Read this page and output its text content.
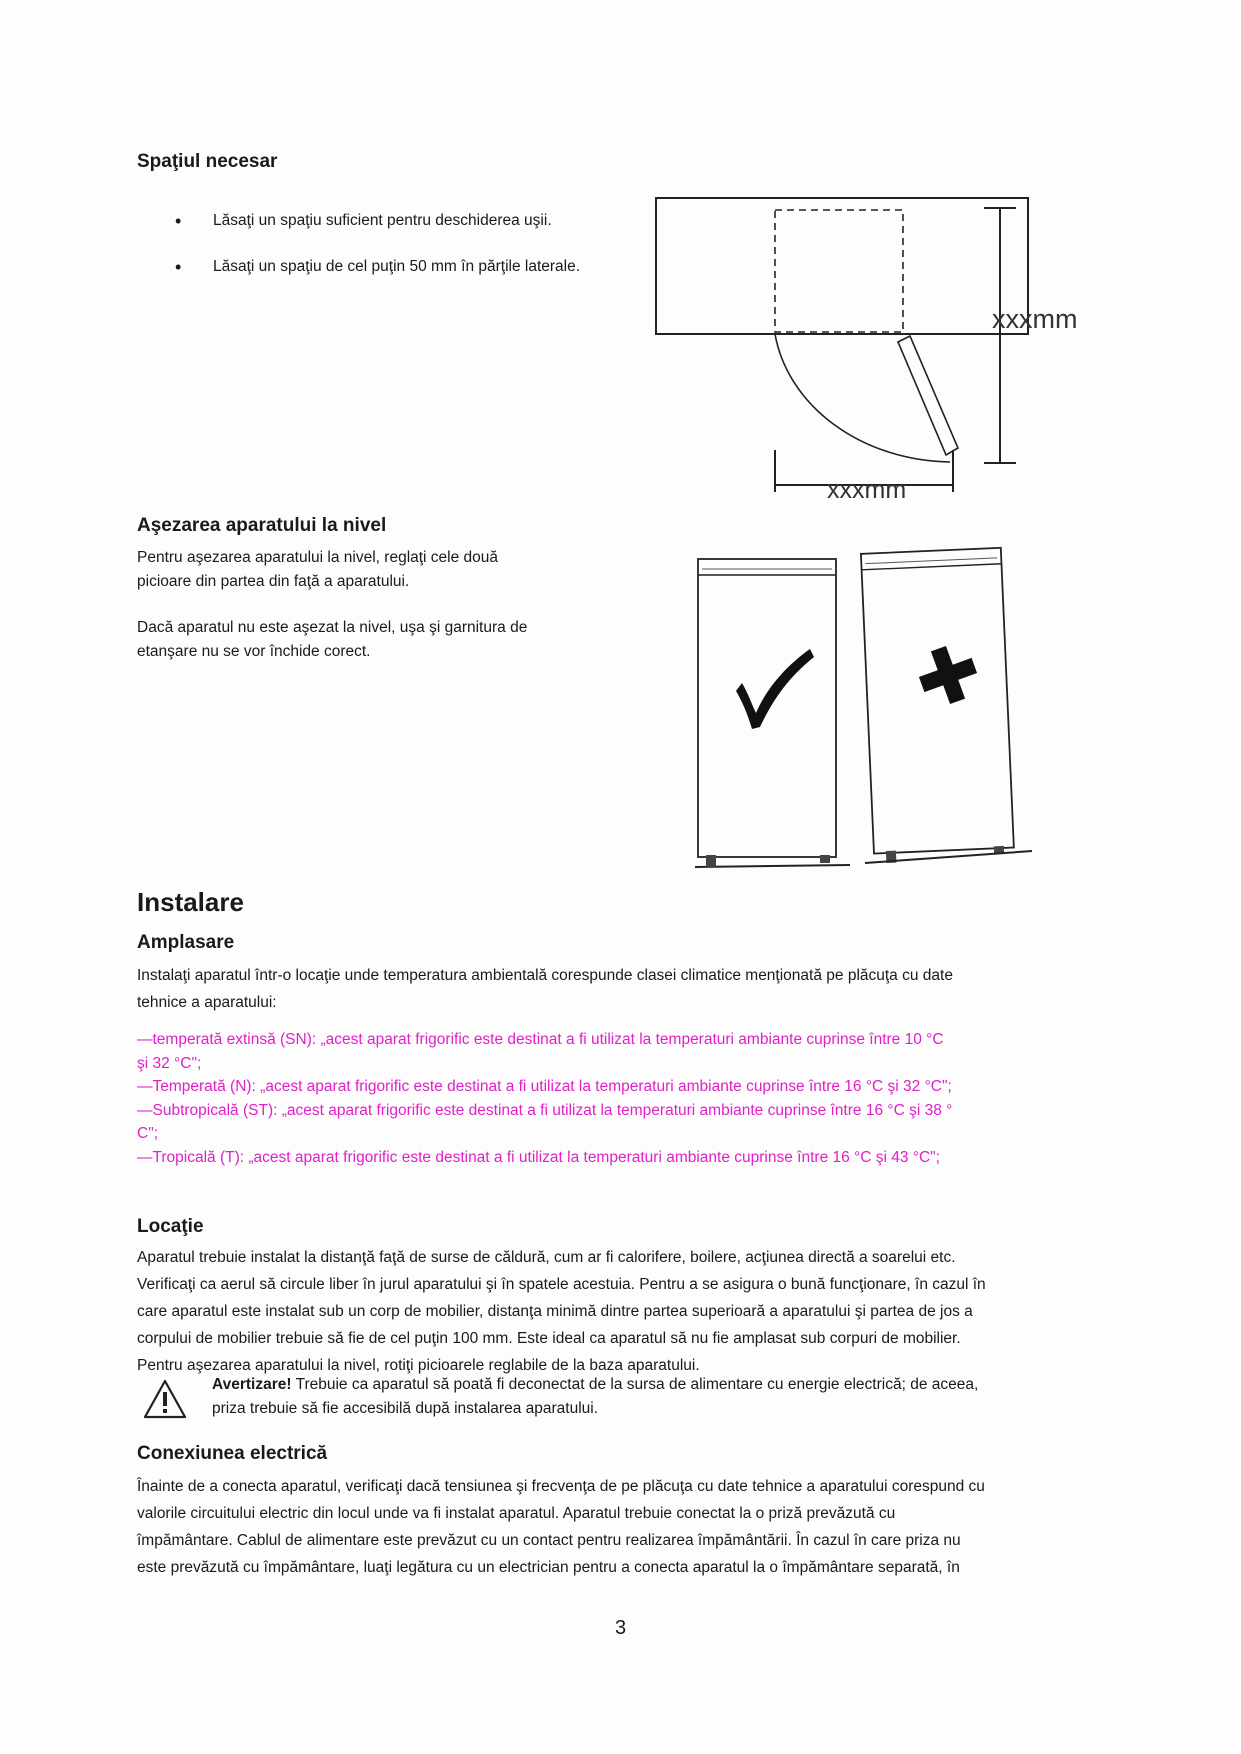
Spaţiul necesar
• Lăsaţi un spaţiu suficient pentru deschiderea uşii.
• Lăsaţi un spaţiu de cel puţin 50 mm în părţile laterale.
xxxmm
xxxmm
Aşezarea aparatului la nivel
Pentru aşezarea aparatului la nivel, reglaţi cele două
picioare din partea din faţă a aparatului.
Dacă aparatul nu este aşezat la nivel, uşa şi garnitura de
etanşare nu se vor închide corect.
Instalare
Amplasare
Instalaţi aparatul într-o locaţie unde temperatura ambientală corespunde clasei climatice menţionată pe plăcuţa cu date
tehnice a aparatului:
—temperată extinsă (SN): „acest aparat frigorific este destinat a fi utilizat la temperaturi ambiante cuprinse între 10 °C
şi 32 °C";
—Temperată (N): „acest aparat frigorific este destinat a fi utilizat la temperaturi ambiante cuprinse între 16 °C şi 32 °C";
—Subtropicală (ST): „acest aparat frigorific este destinat a fi utilizat la temperaturi ambiante cuprinse între 16 °C şi 38 °
C";
—Tropicală (T): „acest aparat frigorific este destinat a fi utilizat la temperaturi ambiante cuprinse între 16 °C şi 43 °C";
Locaţie
Aparatul trebuie instalat la distanţă faţă de surse de căldură, cum ar fi calorifere, boilere, acţiunea directă a soarelui etc.
Verificaţi ca aerul să circule liber în jurul aparatului şi în spatele acestuia. Pentru a se asigura o bună funcţionare, în cazul în
care aparatul este instalat sub un corp de mobilier, distanţa minimă dintre partea superioară a aparatului şi partea de jos a
corpului de mobilier trebuie să fie de cel puţin 100 mm. Este ideal ca aparatul să nu fie amplasat sub corpuri de mobilier.
Pentru aşezarea aparatului la nivel, rotiţi picioarele reglabile de la baza aparatului.
Avertizare! Trebuie ca aparatul să poată fi deconectat de la sursa de alimentare cu energie electrică; de aceea,
priza trebuie să fie accesibilă după instalarea aparatului.
Conexiunea electrică
Înainte de a conecta aparatul, verificaţi dacă tensiunea şi frecvenţa de pe plăcuţa cu date tehnice a aparatului corespund cu
valorile circuitului electric din locul unde va fi instalat aparatul. Aparatul trebuie conectat la o priză prevăzută cu
împământare. Cablul de alimentare este prevăzut cu un contact pentru realizarea împământării. În cazul în care priza nu
este prevăzută cu împământare, luaţi legătura cu un electrician pentru a conecta aparatul la o împământare separată, în
3
